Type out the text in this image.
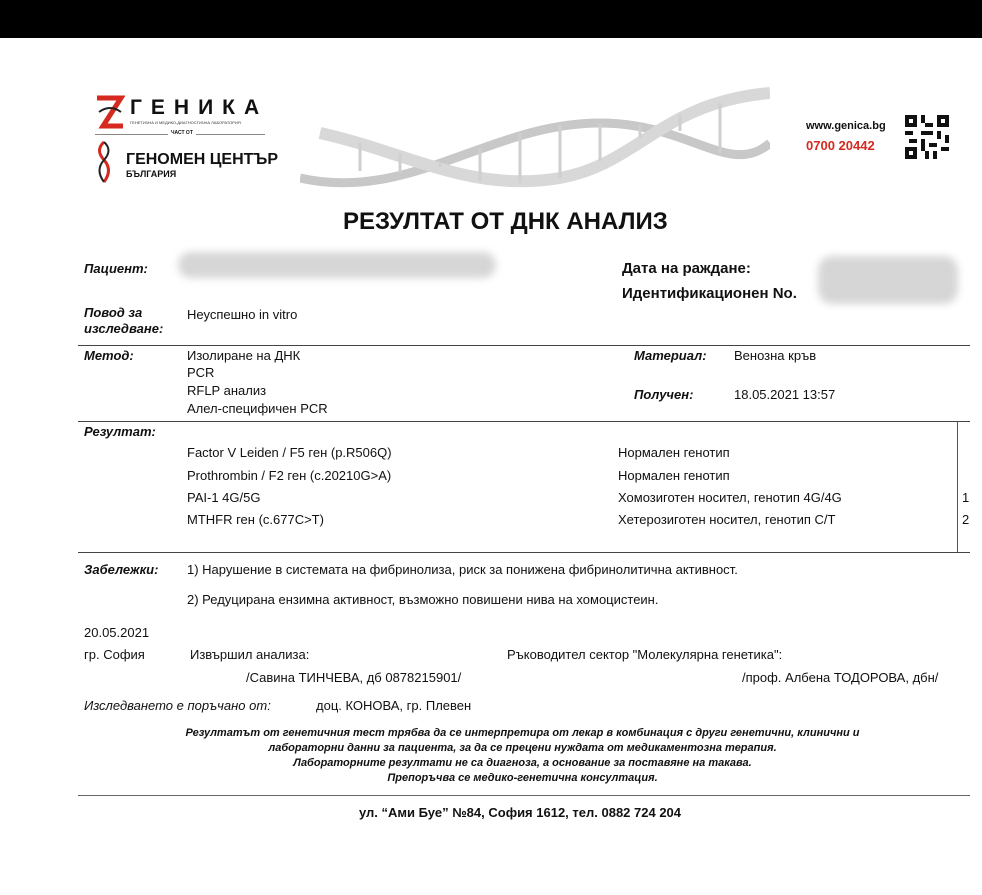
ГЕНИКА
ГЕНЕТИЧНА И МЕДИКО-ДИАГНОСТИЧНА ЛАБОРАТОРИЯ
ЧАСТ ОТ
ГЕНОМЕН ЦЕНТЪР
БЪЛГАРИЯ
www.genica.bg
0700 20442
РЕЗУЛТАТ ОТ ДНК АНАЛИЗ
Пациент:	Дата на раждане:
Идентификационен No.
Повод за
изследване:
Неуспешно in vitro
Метод:	Изолиране на ДНК
PCR
RFLP анализ
Алел-специфичен PCR
Материал: Венозна кръв
Получен:	18.05.2021 13:57
Резултат:
Factor V Leiden / F5 ген (p.R506Q)	Нормален генотип
Prothrombin / F2 ген (c.20210G>A)	Нормален генотип
PAI-1 4G/5G	Хомозиготен носител, генотип 4G/4G	1
MTHFR ген (c.677C>T)	Хетерозиготен носител, генотип C/T	2
Забележки: 1) Нарушение в системата на фибринолиза, риск за понижена фибринолитична активност.
2) Редуцирана ензимна активност, възможно повишени нива на хомоцистеин.
20.05.2021
гр. София	Извършил анализа:
/Савина ТИНЧЕВА, дб 0878215901/
Ръководител сектор "Молекулярна генетика":
/проф. Албена ТОДОРОВА, дбн/
Изследването е поръчано от:	доц. КОНОВА, гр. Плевен
Резултатът от генетичния тест трябва да се интерпретира от лекар в комбинация с други генетични, клинични и
лабораторни данни за пациента, за да се прецени нуждата от медикаментозна терапия.
Лабораторните резултати не са диагноза, а основание за поставяне на такава.
Препоръчва се медико-генетична консултация.
ул. “Ами Буе” №84, София 1612, тел. 0882 724 204
